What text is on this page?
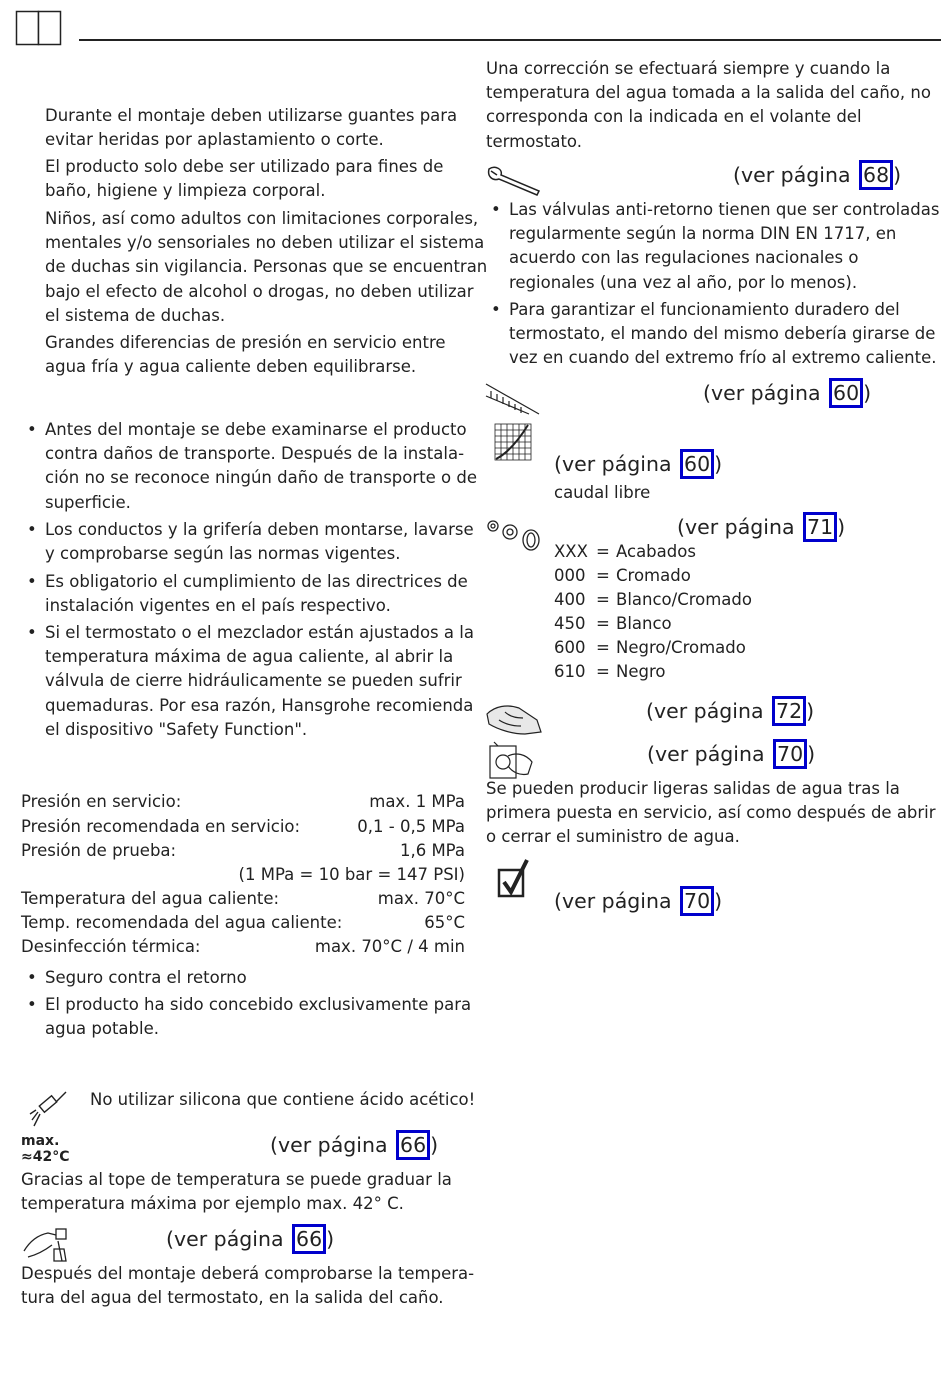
Durante el montaje deben utilizarse guantes para
evitar heridas por aplastamiento o corte.
El producto solo debe ser utilizado para fines de
baño, higiene y limpieza corporal.
Niños, así como adultos con limitaciones corporales,
mentales y/o sensoriales no deben utilizar el sistema
de duchas sin vigilancia. Personas que se encuentran
bajo el efecto de alcohol o drogas, no deben utilizar
el sistema de duchas.
Grandes diferencias de presión en servicio entre
agua fría y agua caliente deben equilibrarse.
• Antes del montaje se debe examinarse el producto
contra daños de transporte. Después de la instala-
ción no se reconoce ningún daño de transporte o de
superficie.
• Los conductos y la grifería deben montarse, lavarse
y comprobarse según las normas vigentes.
• Es obligatorio el cumplimiento de las directrices de
instalación vigentes en el país respectivo.
• Si el termostato o el mezclador están ajustados a la
temperatura máxima de agua caliente, al abrir la
válvula de cierre hidráulicamente se pueden sufrir
quemaduras. Por esa razón, Hansgrohe recomienda
el dispositivo "Safety Function".
Presión en servicio:	max. 1 MPa
Presión recomendada en servicio:	0,1 - 0,5 MPa
Presión de prueba:	1,6 MPa
(1 MPa = 10 bar = 147 PSI)
Temperatura del agua caliente:	max. 70°C
Temp. recomendada del agua caliente:	65°C
Desinfección térmica:	max. 70°C / 4 min
• Seguro contra el retorno
• El producto ha sido concebido exclusivamente para
agua potable.
No utilizar silicona que contiene ácido acético!
max.
≈42°C	(ver página 66 )
Gracias al tope de temperatura se puede graduar la
temperatura máxima por ejemplo max. 42° C.
(ver página 66 )
Después del montaje deberá comprobarse la tempera-
tura del agua del termostato, en la salida del caño.
Una corrección se efectuará siempre y cuando la
temperatura del agua tomada a la salida del caño, no
corresponda con la indicada en el volante del
termostato.
(ver página 68 )
• Las válvulas anti-retorno tienen que ser controladas
regularmente según la norma DIN EN 1717, en
acuerdo con las regulaciones nacionales o
regionales (una vez al año, por lo menos).
• Para garantizar el funcionamiento duradero del
termostato, el mando del mismo debería girarse de
vez en cuando del extremo frío al extremo caliente.
(ver página 60 )
(ver página 60 )
caudal libre
(ver página 71 )
XXX = Acabados
000 = Cromado
400 = Blanco/Cromado
450 = Blanco
600 = Negro/Cromado
610 = Negro
(ver página 72 )
(ver página 70 )
Se pueden producir ligeras salidas de agua tras la
primera puesta en servicio, así como después de abrir
o cerrar el suministro de agua.
(ver página 70 )
